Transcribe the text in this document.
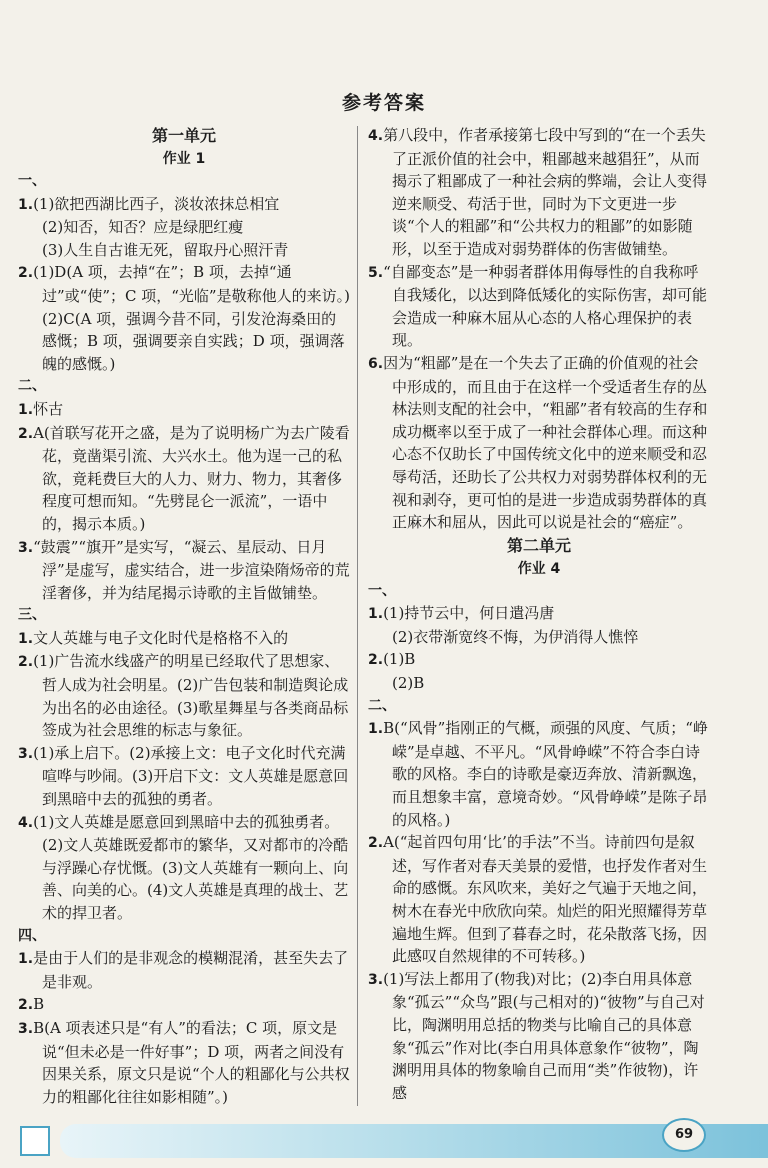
参考答案
第一单元
作业 1
一、
1.(1)欲把西湖比西子，淡妆浓抹总相宜
(2)知否，知否？应是绿肥红瘦
(3)人生自古谁无死，留取丹心照汗青
2.(1)D(A 项，去掉“在”；B 项，去掉“通过”或“使”；C 项，“光临”是敬称他人的来访。)
(2)C(A 项，强调今昔不同，引发沧海桑田的感慨；B 项，强调要亲自实践；D 项，强调落魄的感慨。)
二、
1.怀古
2.A(首联写花开之盛，是为了说明杨广为去广陵看花，竟凿渠引流、大兴水土。他为逞一己的私欲，竟耗费巨大的人力、财力、物力，其奢侈程度可想而知。“先劈昆仑一派流”，一语中的，揭示本质。)
3.“鼓震”“旗开”是实写，“凝云、星辰动、日月浮”是虚写，虚实结合，进一步渲染隋炀帝的荒淫奢侈，并为结尾揭示诗歌的主旨做铺垫。
三、
1.文人英雄与电子文化时代是格格不入的
2.(1)广告流水线盛产的明星已经取代了思想家、哲人成为社会明星。(2)广告包装和制造舆论成为出名的必由途径。(3)歌星舞星与各类商品标签成为社会思维的标志与象征。
3.(1)承上启下。(2)承接上文：电子文化时代充满喧哗与吵闹。(3)开启下文：文人英雄是愿意回到黑暗中去的孤独的勇者。
4.(1)文人英雄是愿意回到黑暗中去的孤独勇者。(2)文人英雄既爱都市的繁华，又对都市的冷酷与浮躁心存忧慨。(3)文人英雄有一颗向上、向善、向美的心。(4)文人英雄是真理的战士、艺术的捍卫者。
四、
1.是由于人们的是非观念的模糊混淆，甚至失去了是非观。
2.B
3.B(A 项表述只是“有人”的看法；C 项，原文是说“但未必是一件好事”；D 项，两者之间没有因果关系，原文只是说“个人的粗鄙化与公共权力的粗鄙化往往如影相随”。)
4.第八段中，作者承接第七段中写到的“在一个丢失了正派价值的社会中，粗鄙越来越猖狂”，从而揭示了粗鄙成了一种社会病的弊端，会让人变得逆来顺受、苟活于世，同时为下文更进一步谈“个人的粗鄙”和“公共权力的粗鄙”的如影随形，以至于造成对弱势群体的伤害做铺垫。
5.“自鄙变态”是一种弱者群体用侮辱性的自我称呼自我矮化，以达到降低矮化的实际伤害，却可能会造成一种麻木屈从心态的人格心理保护的表现。
6.因为“粗鄙”是在一个失去了正确的价值观的社会中形成的，而且由于在这样一个受适者生存的丛林法则支配的社会中，“粗鄙”者有较高的生存和成功概率以至于成了一种社会群体心理。而这种心态不仅助长了中国传统文化中的逆来顺受和忍辱苟活，还助长了公共权力对弱势群体权利的无视和剥夺，更可怕的是进一步造成弱势群体的真正麻木和屈从，因此可以说是社会的“癌症”。
第二单元
作业 4
一、
1.(1)持节云中，何日遣冯唐
(2)衣带渐宽终不悔，为伊消得人憔悴
2.(1)B
(2)B
二、
1.B(“风骨”指刚正的气概，顽强的风度、气质；“峥嵘”是卓越、不平凡。“风骨峥嵘”不符合李白诗歌的风格。李白的诗歌是豪迈奔放、清新飘逸，而且想象丰富，意境奇妙。“风骨峥嵘”是陈子昂的风格。)
2.A(“起首四句用‘比’的手法”不当。诗前四句是叙述，写作者对春天美景的爱惜，也抒发作者对生命的感慨。东风吹来，美好之气遍于天地之间，树木在春光中欣欣向荣。灿烂的阳光照耀得芳草遍地生辉。但到了暮春之时，花朵散落飞扬，因此感叹自然规律的不可转移。)
3.(1)写法上都用了(物我)对比；(2)李白用具体意象“孤云”“众鸟”跟(与己相对的)“彼物”与自己对比，陶渊明用总括的物类与比喻自己的具体意象“孤云”作对比(李白用具体意象作“彼物”，陶渊明用具体的物象喻自己而用“类”作彼物)，许感
69
